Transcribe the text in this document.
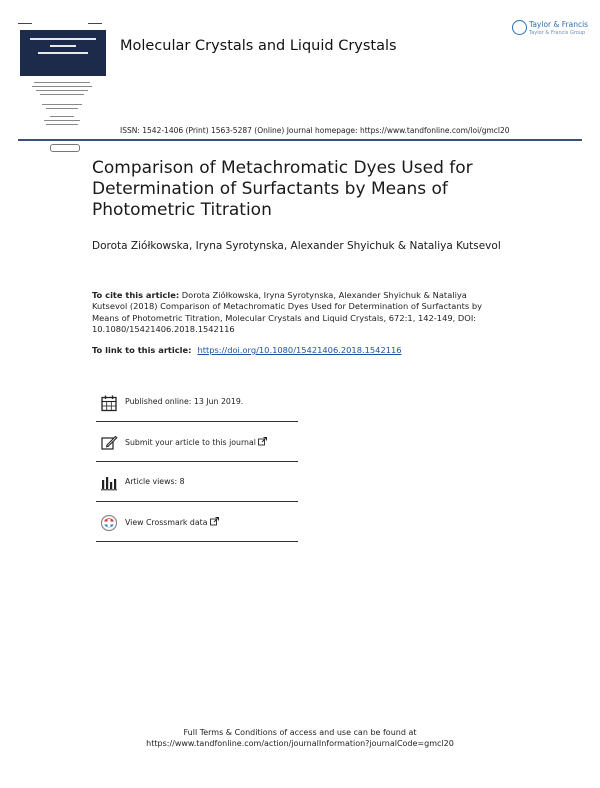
Molecular Crystals and Liquid Crystals
Taylor & Francis
Taylor & Francis Group
ISSN: 1542-1406 (Print) 1563-5287 (Online) Journal homepage: https://www.tandfonline.com/loi/gmcl20
Comparison of Metachromatic Dyes Used for Determination of Surfactants by Means of Photometric Titration
Dorota Ziółkowska, Iryna Syrotynska, Alexander Shyichuk & Nataliya Kutsevol
To cite this article: Dorota Ziółkowska, Iryna Syrotynska, Alexander Shyichuk & Nataliya Kutsevol (2018) Comparison of Metachromatic Dyes Used for Determination of Surfactants by Means of Photometric Titration, Molecular Crystals and Liquid Crystals, 672:1, 142-149, DOI: 10.1080/15421406.2018.1542116
To link to this article: https://doi.org/10.1080/15421406.2018.1542116
Published online: 13 Jun 2019.
Submit your article to this journal
Article views: 8
View Crossmark data
Full Terms & Conditions of access and use can be found at
https://www.tandfonline.com/action/journalInformation?journalCode=gmcl20
